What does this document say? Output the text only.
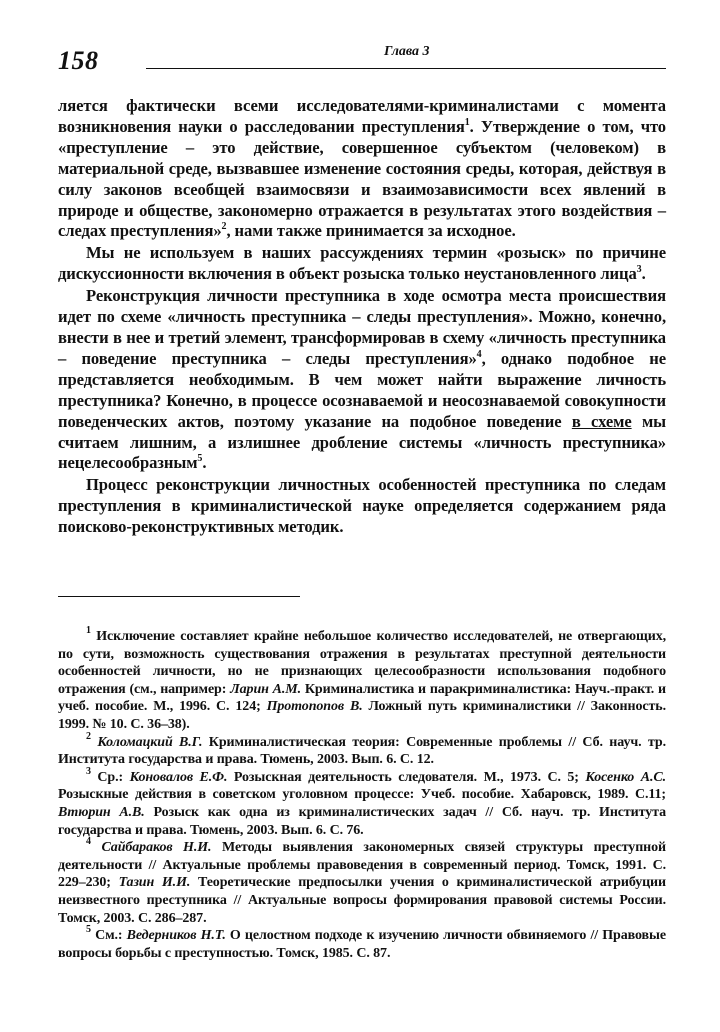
158	Глава 3

ляется фактически всеми исследователями-криминалистами с момента возникновения науки о расследовании преступления$^1$. Утверждение о том, что «преступление – это действие, совершенное субъектом (человеком) в материальной среде, вызвавшее изменение состояния среды, которая, действуя в силу законов всеобщей взаимосвязи и взаимозависимости всех явлений в природе и обществе, закономерно отражается в результатах этого воздействия – следах преступления»$^2$, нами также принимается за исходное.

Мы не используем в наших рассуждениях термин «розыск» по причине дискуссионности включения в объект розыска только неустановленного лица$^3$.

Реконструкция личности преступника в ходе осмотра места происшествия идет по схеме «личность преступника – следы преступления». Можно, конечно, внести в нее и третий элемент, трансформировав в схему «личность преступника – поведение преступника – следы преступления»$^4$, однако подобное не представляется необходимым. В чем может найти выражение личность преступника? Конечно, в процессе осознаваемой и неосознаваемой совокупности поведенческих актов, поэтому указание на подобное поведение в схеме мы считаем лишним, а излишнее дробление системы «личность преступника» нецелесообразным$^5$.

Процесс реконструкции личностных особенностей преступника по следам преступления в криминалистической науке определяется содержанием ряда поисково-реконструктивных методик.

$^1$ Исключение составляет крайне небольшое количество исследователей, не отвергающих, по сути, возможность существования отражения в результатах преступной деятельности особенностей личности, но не признающих целесообразности использования подобного отражения (см., например: Ларин А.М. Криминалистика и паракриминалистика: Науч.-практ. и учеб. пособие. М., 1996. С. 124; Протопопов В. Ложный путь криминалистики // Законность. 1999. № 10. С. 36–38).

$^2$ Коломацкий В.Г. Криминалистическая теория: Современные проблемы // Сб. науч. тр. Института государства и права. Тюмень, 2003. Вып. 6. С. 12.

$^3$ Ср.: Коновалов Е.Ф. Розыскная деятельность следователя. М., 1973. С. 5; Косенко А.С. Розыскные действия в советском уголовном процессе: Учеб. пособие. Хабаровск, 1989. С.11; Втюрин А.В. Розыск как одна из криминалистических задач // Сб. науч. тр. Института государства и права. Тюмень, 2003. Вып. 6. С. 76.

$^4$ Сайбараков Н.И. Методы выявления закономерных связей структуры преступной деятельности // Актуальные проблемы правоведения в современный период. Томск, 1991. С. 229–230; Тазин И.И. Теоретические предпосылки учения о криминалистической атрибуции неизвестного преступника // Актуальные вопросы формирования правовой системы России. Томск, 2003. С. 286–287.

$^5$ См.: Ведерников Н.Т. О целостном подходе к изучению личности обвиняемого // Правовые вопросы борьбы с преступностью. Томск, 1985. С. 87.
